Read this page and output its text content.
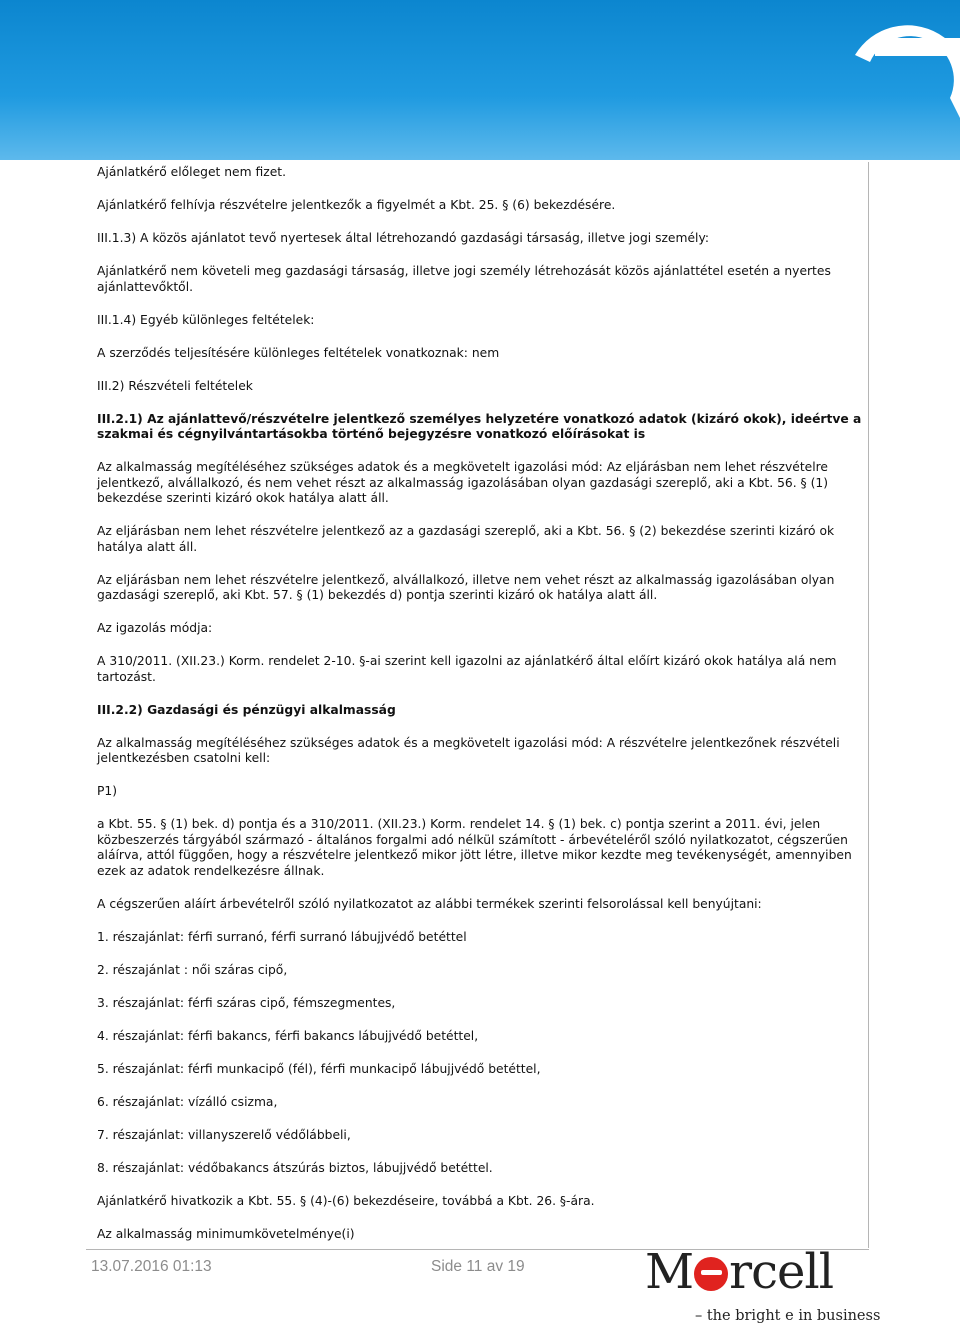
Ajánlatkérő előleget nem fizet.

Ajánlatkérő felhívja részvételre jelentkezők a figyelmét a Kbt. 25. § (6) bekezdésére.

III.1.3) A közös ajánlatot tevő nyertesek által létrehozandó gazdasági társaság, illetve jogi személy:

Ajánlatkérő nem követeli meg gazdasági társaság, illetve jogi személy létrehozását közös ajánlattétel esetén a nyertes ajánlattevőktől.

III.1.4) Egyéb különleges feltételek:

A szerződés teljesítésére különleges feltételek vonatkoznak: nem

III.2) Részvételi feltételek

III.2.1) Az ajánlattevő/részvételre jelentkező személyes helyzetére vonatkozó adatok (kizáró okok), ideértve a szakmai és cégnyilvántartásokba történő bejegyzésre vonatkozó előírásokat is

Az alkalmasság megítéléséhez szükséges adatok és a megkövetelt igazolási mód: Az eljárásban nem lehet részvételre jelentkező, alvállalkozó, és nem vehet részt az alkalmasság igazolásában olyan gazdasági szereplő, aki a Kbt. 56. § (1) bekezdése szerinti kizáró okok hatálya alatt áll.

Az eljárásban nem lehet részvételre jelentkező az a gazdasági szereplő, aki a Kbt. 56. § (2) bekezdése szerinti kizáró ok hatálya alatt áll.

Az eljárásban nem lehet részvételre jelentkező, alvállalkozó, illetve nem vehet részt az alkalmasság igazolásában olyan gazdasági szereplő, aki Kbt. 57. § (1) bekezdés d) pontja szerinti kizáró ok hatálya alatt áll.

Az igazolás módja:

A 310/2011. (XII.23.) Korm. rendelet 2-10. §-ai szerint kell igazolni az ajánlatkérő által előírt kizáró okok hatálya alá nem tartozást.

III.2.2) Gazdasági és pénzügyi alkalmasság

Az alkalmasság megítéléséhez szükséges adatok és a megkövetelt igazolási mód: A részvételre jelentkezőnek részvételi jelentkezésben csatolni kell:

P1)

a Kbt. 55. § (1) bek. d) pontja és a 310/2011. (XII.23.) Korm. rendelet 14. § (1) bek. c) pontja szerint a 2011. évi, jelen közbeszerzés tárgyából származó - általános forgalmi adó nélkül számított - árbevételéről szóló nyilatkozatot, cégszerűen aláírva, attól függően, hogy a részvételre jelentkező mikor jött létre, illetve mikor kezdte meg tevékenységét, amennyiben ezek az adatok rendelkezésre állnak.

A cégszerűen aláírt árbevételről szóló nyilatkozatot az alábbi termékek szerinti felsorolással kell benyújtani:

1. részajánlat: férfi surranó, férfi surranó lábujjvédő betéttel

2. részajánlat : női száras cipő,

3. részajánlat: férfi száras cipő, fémszegmentes,

4. részajánlat: férfi bakancs, férfi bakancs lábujjvédő betéttel,

5. részajánlat: férfi munkacipő (fél), férfi munkacipő lábujjvédő betéttel,

6. részajánlat: vízálló csizma,

7. részajánlat: villanyszerelő védőlábbeli,

8. részajánlat: védőbakancs átszúrás biztos, lábujjvédő betéttel.

Ajánlatkérő hivatkozik a Kbt. 55. § (4)-(6) bekezdéseire, továbbá a Kbt. 26. §-ára.

Az alkalmasság minimumkövetelménye(i)

13.07.2016 01:13	Side 11 av 19	M rcell
– the bright e in business
